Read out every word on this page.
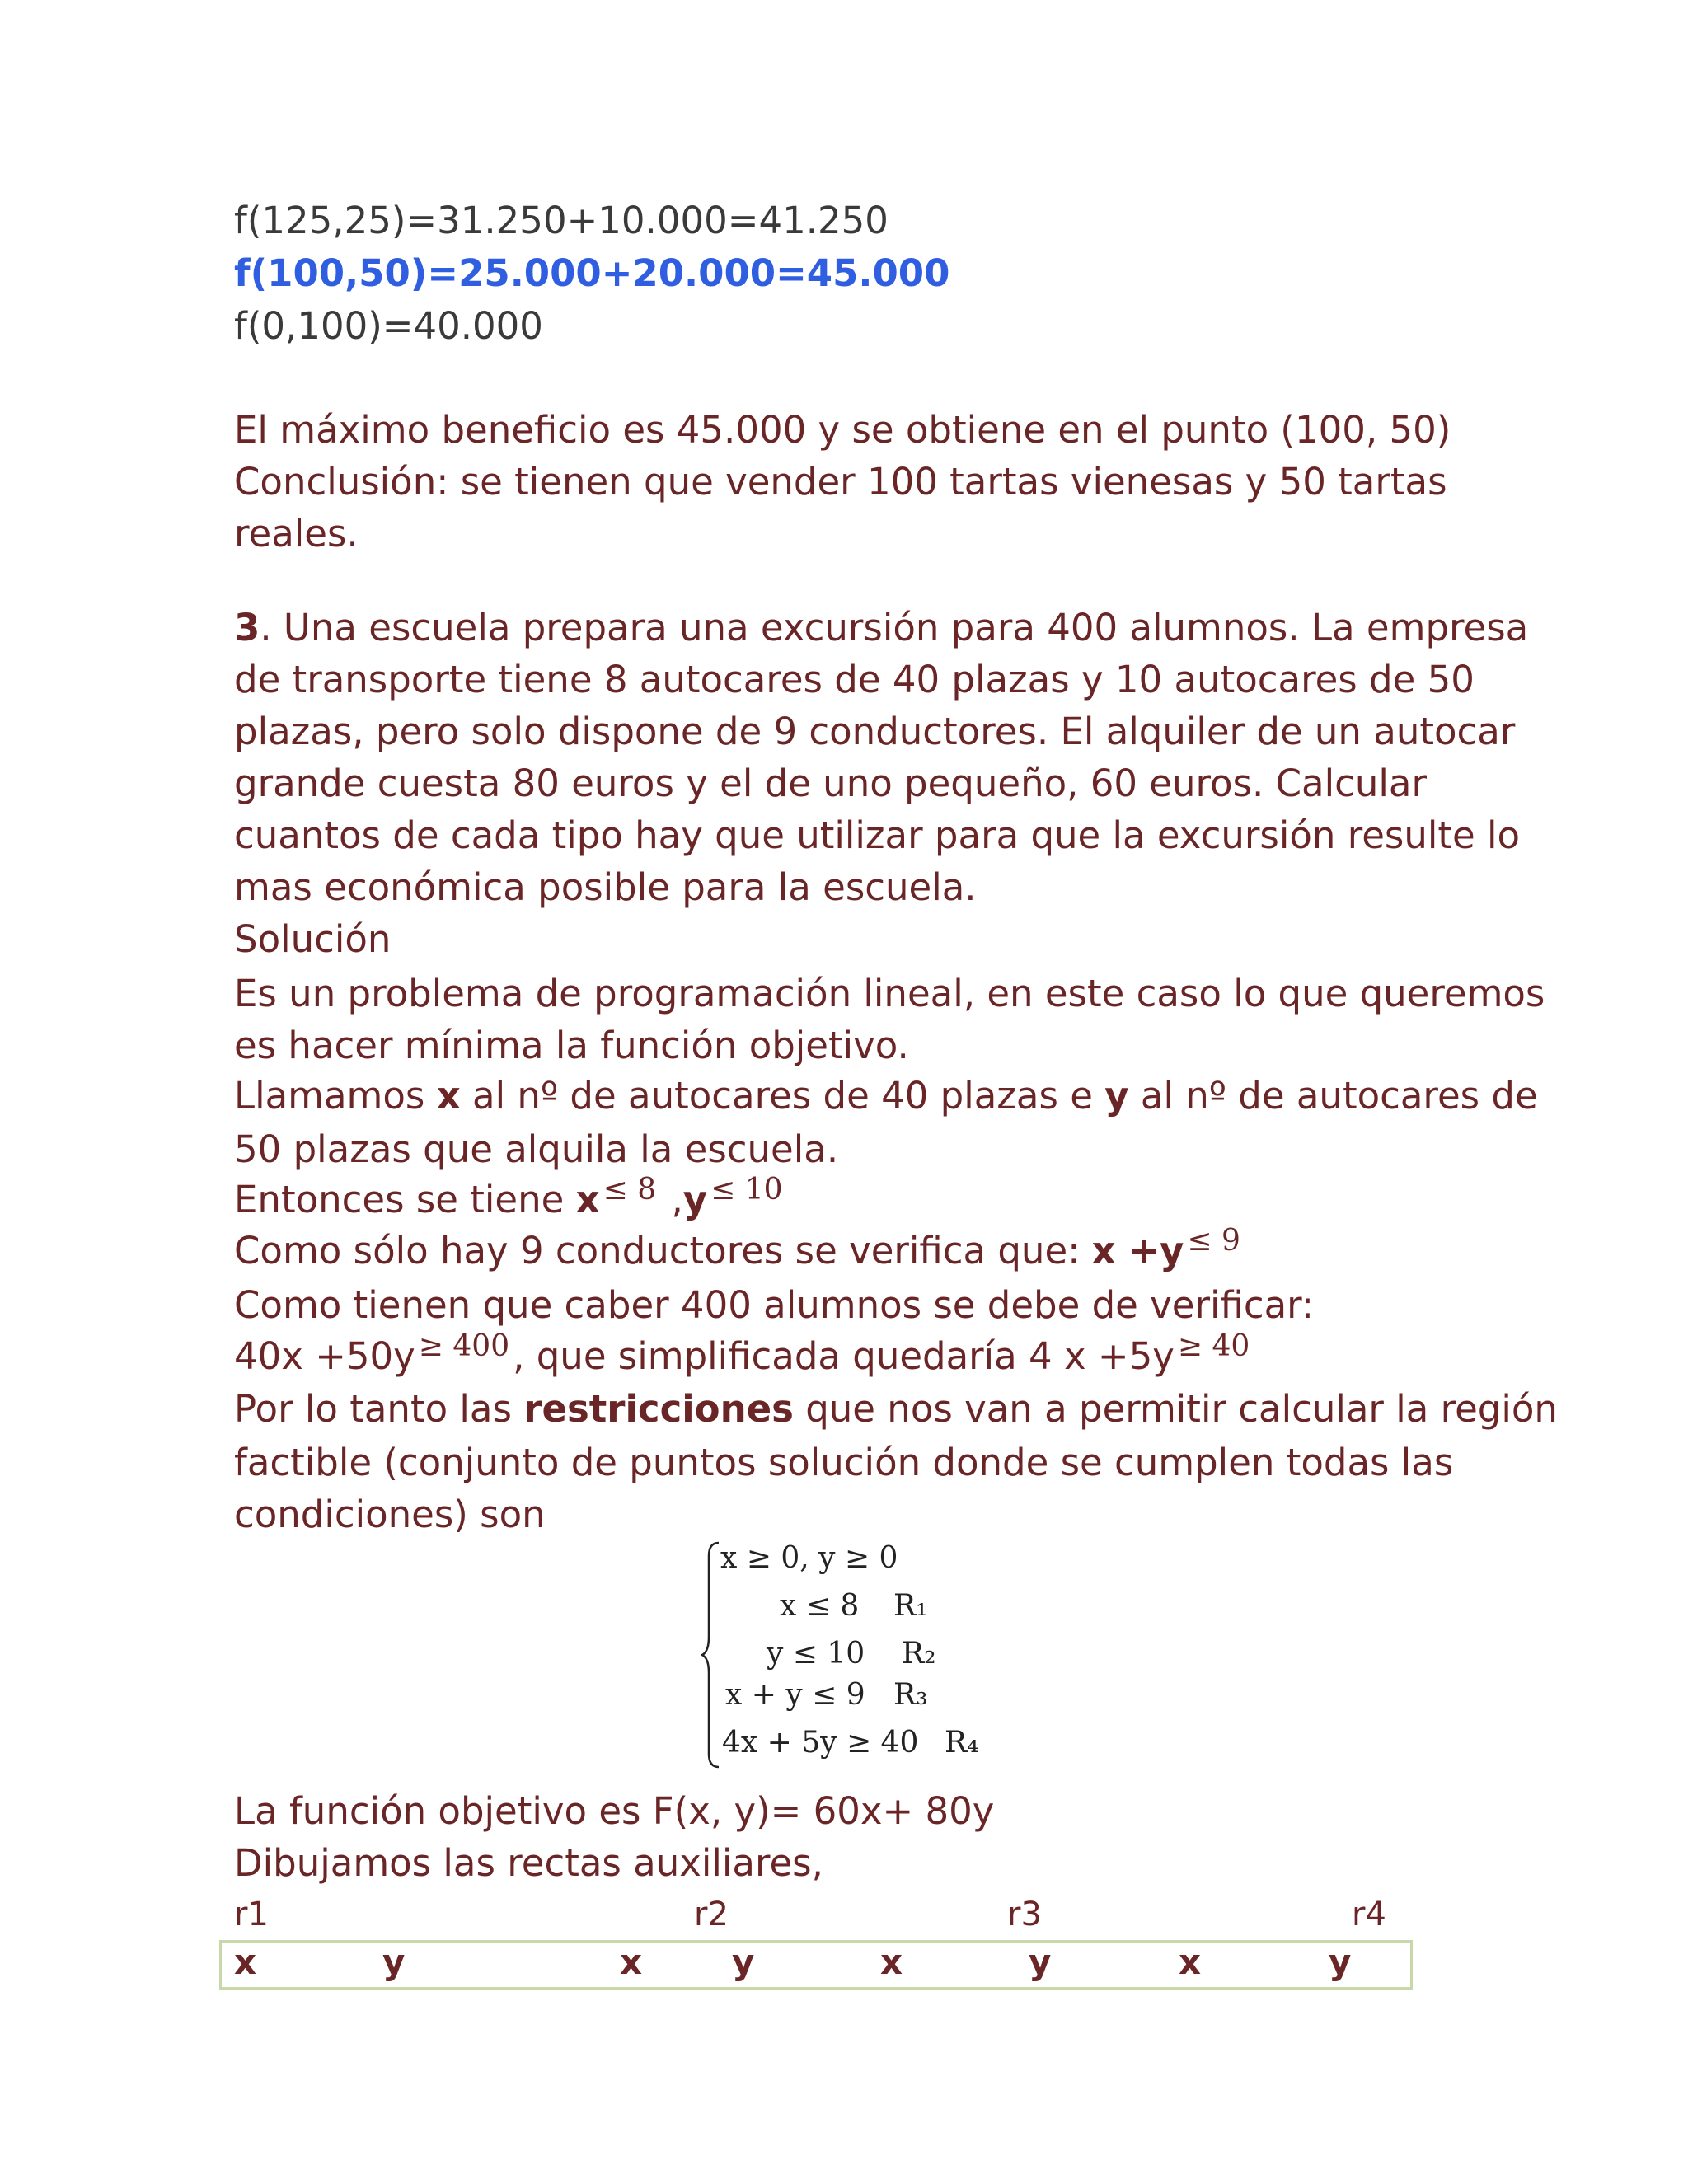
f(125,25)=31.250+10.000=41.250
f(100,50)=25.000+20.000=45.000
f(0,100)=40.000
El máximo beneficio es 45.000 y se obtiene en el punto (100, 50)
Conclusión: se tienen que vender 100 tartas vienesas y 50 tartas
reales.
3. Una escuela prepara una excursión para 400 alumnos. La empresa
de transporte tiene 8 autocares de 40 plazas y 10 autocares de 50
plazas, pero solo dispone de 9 conductores. El alquiler de un autocar
grande cuesta 80 euros y el de uno pequeño, 60 euros. Calcular
cuantos de cada tipo hay que utilizar para que la excursión resulte lo
mas económica posible para la escuela.
Solución
Es un problema de programación lineal, en este caso lo que queremos
es hacer mínima la función objetivo.
Llamamos x al nº de autocares de 40 plazas e y al nº de autocares de
50 plazas que alquila la escuela.
Entonces se tiene x $^{\le 8}$ ,y $^{\le 10}$
Como sólo hay 9 conductores se verifica que: x +y $^{\le 9}$
Como tienen que caber 400 alumnos se debe de verificar:
40x +50y $^{\ge 400}$, que simplificada quedaría 4 x +5y $^{\ge 40}$
Por lo tanto las restricciones que nos van a permitir calcular la región
factible (conjunto de puntos solución donde se cumplen todas las
condiciones) son
x ≥ 0, y ≥ 0
x ≤ 8 R₁
y ≤ 10 R₂
x + y ≤ 9 R₃
4x + 5y ≥ 40 R₄
La función objetivo es F(x, y)= 60x+ 80y
Dibujamos las rectas auxiliares,
r1	r2	r3	r4
x	y	x	y	x	y	x	y
